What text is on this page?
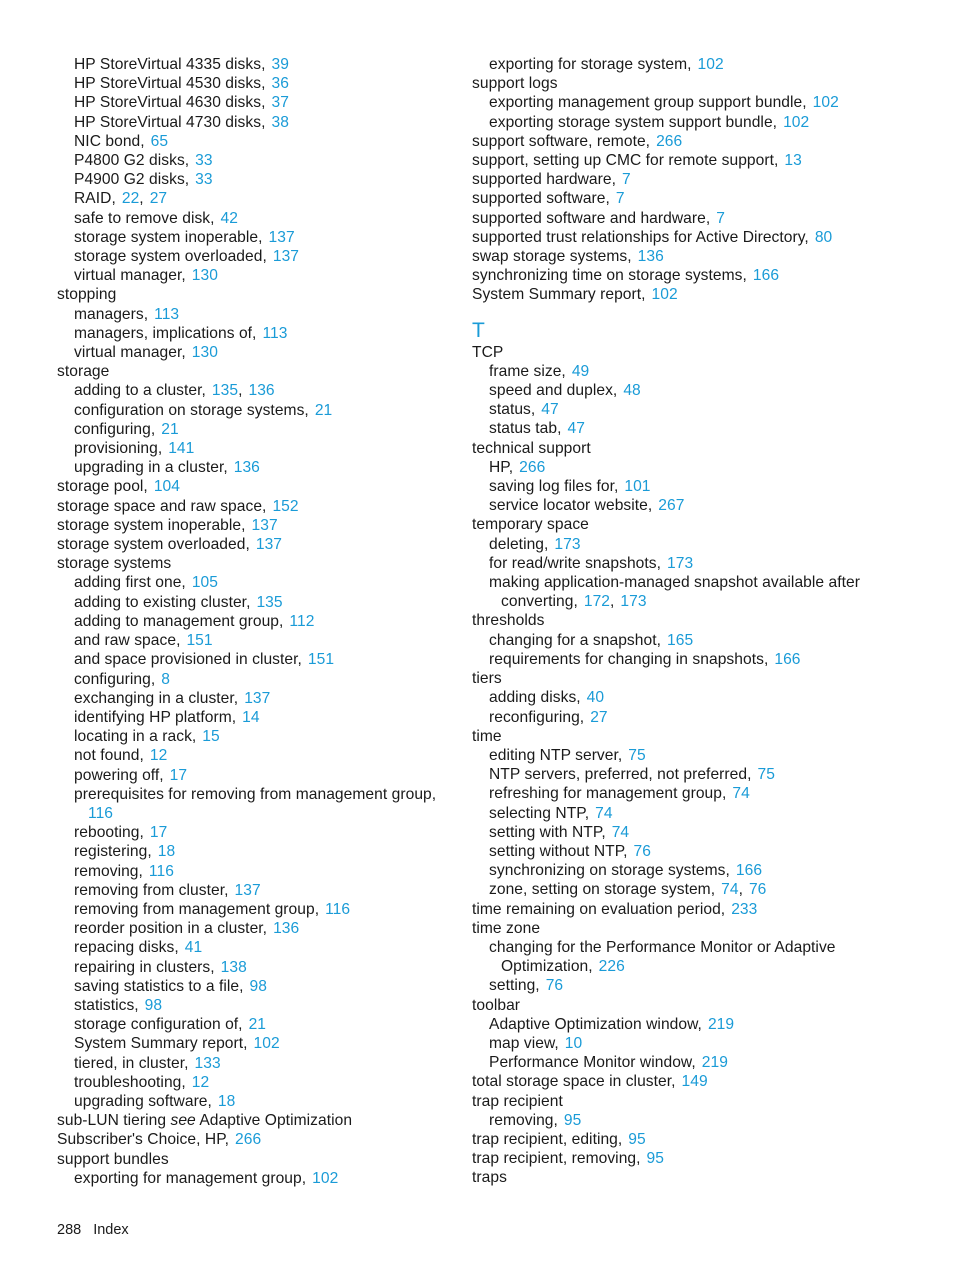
HP StoreVirtual 4335 disks, 39
HP StoreVirtual 4530 disks, 36
HP StoreVirtual 4630 disks, 37
HP StoreVirtual 4730 disks, 38
NIC bond, 65
P4800 G2 disks, 33
P4900 G2 disks, 33
RAID, 22, 27
safe to remove disk, 42
storage system inoperable, 137
storage system overloaded, 137
virtual manager, 130
stopping
managers, 113
managers, implications of, 113
virtual manager, 130
storage
adding to a cluster, 135, 136
configuration on storage systems, 21
configuring, 21
provisioning, 141
upgrading in a cluster, 136
storage pool, 104
storage space and raw space, 152
storage system inoperable, 137
storage system overloaded, 137
storage systems
adding first one, 105
adding to existing cluster, 135
adding to management group, 112
and raw space, 151
and space provisioned in cluster, 151
configuring, 8
exchanging in a cluster, 137
identifying HP platform, 14
locating in a rack, 15
not found, 12
powering off, 17
prerequisites for removing from management group,
116
rebooting, 17
registering, 18
removing, 116
removing from cluster, 137
removing from management group, 116
reorder position in a cluster, 136
repacing disks, 41
repairing in clusters, 138
saving statistics to a file, 98
statistics, 98
storage configuration of, 21
System Summary report, 102
tiered, in cluster, 133
troubleshooting, 12
upgrading software, 18
sub-LUN tiering see Adaptive Optimization
Subscriber's Choice, HP, 266
support bundles
exporting for management group, 102
exporting for storage system, 102
support logs
exporting management group support bundle, 102
exporting storage system support bundle, 102
support software, remote, 266
support, setting up CMC for remote support, 13
supported hardware, 7
supported software, 7
supported software and hardware, 7
supported trust relationships for Active Directory, 80
swap storage systems, 136
synchronizing time on storage systems, 166
System Summary report, 102
T
TCP
frame size, 49
speed and duplex, 48
status, 47
status tab, 47
technical support
HP, 266
saving log files for, 101
service locator website, 267
temporary space
deleting, 173
for read/write snapshots, 173
making application-managed snapshot available after
converting, 172, 173
thresholds
changing for a snapshot, 165
requirements for changing in snapshots, 166
tiers
adding disks, 40
reconfiguring, 27
time
editing NTP server, 75
NTP servers, preferred, not preferred, 75
refreshing for management group, 74
selecting NTP, 74
setting with NTP, 74
setting without NTP, 76
synchronizing on storage systems, 166
zone, setting on storage system, 74, 76
time remaining on evaluation period, 233
time zone
changing for the Performance Monitor or Adaptive
Optimization, 226
setting, 76
toolbar
Adaptive Optimization window, 219
map view, 10
Performance Monitor window, 219
total storage space in cluster, 149
trap recipient
removing, 95
trap recipient, editing, 95
trap recipient, removing, 95
traps
288 Index
